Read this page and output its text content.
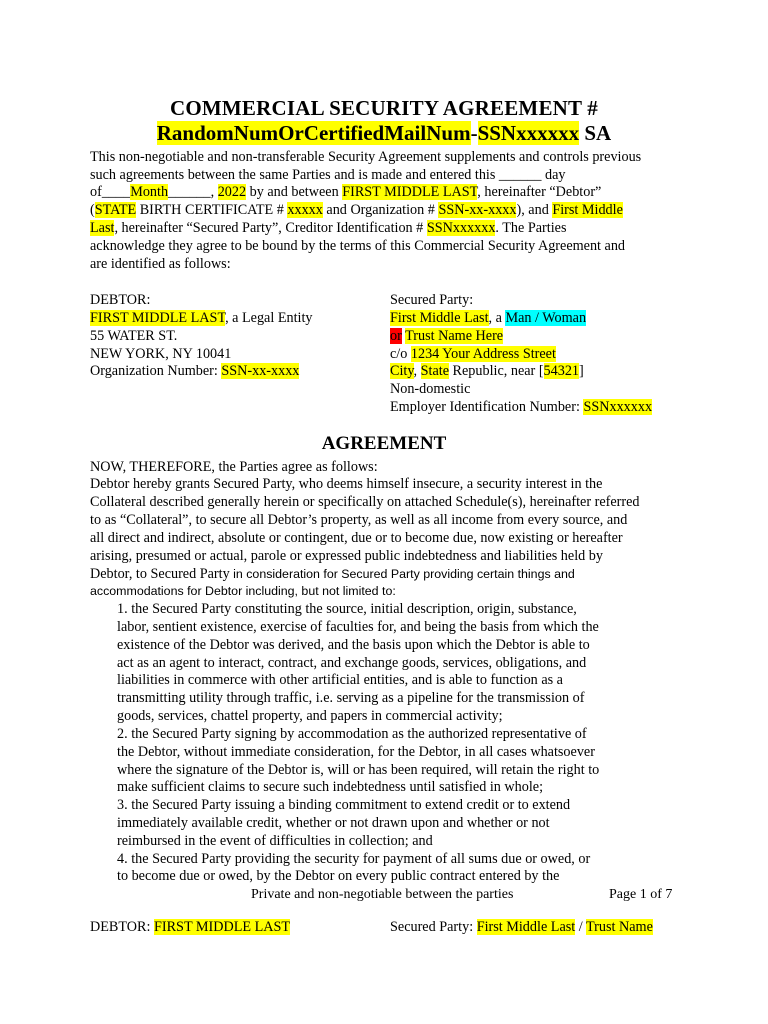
COMMERCIAL SECURITY AGREEMENT #
RandomNumOrCertifiedMailNum-SSNxxxxxx SA
This non-negotiable and non-transferable Security Agreement supplements and controls previous
such agreements between the same Parties and is made and entered this ______ day
of____Month______, 2022 by and between FIRST MIDDLE LAST, hereinafter “Debtor”
(STATE BIRTH CERTIFICATE # xxxxx and Organization # SSN-xx-xxxx), and First Middle
Last, hereinafter “Secured Party”, Creditor Identification # SSNxxxxxx. The Parties
acknowledge they agree to be bound by the terms of this Commercial Security Agreement and
are identified as follows:
DEBTOR:
FIRST MIDDLE LAST, a Legal Entity
55 WATER ST.
NEW YORK, NY 10041
Organization Number: SSN-xx-xxxx
Secured Party:
First Middle Last, a Man / Woman
or Trust Name Here
c/o 1234 Your Address Street
City, State Republic, near [54321]
Non-domestic
Employer Identification Number: SSNxxxxxx
AGREEMENT
NOW, THEREFORE, the Parties agree as follows:
Debtor hereby grants Secured Party, who deems himself insecure, a security interest in the
Collateral described generally herein or specifically on attached Schedule(s), hereinafter referred
to as “Collateral”, to secure all Debtor’s property, as well as all income from every source, and
all direct and indirect, absolute or contingent, due or to become due, now existing or hereafter
arising, presumed or actual, parole or expressed public indebtedness and liabilities held by
Debtor, to Secured Party in consideration for Secured Party providing certain things and
accommodations for Debtor including, but not limited to:
1. the Secured Party constituting the source, initial description, origin, substance,
labor, sentient existence, exercise of faculties for, and being the basis from which the
existence of the Debtor was derived, and the basis upon which the Debtor is able to
act as an agent to interact, contract, and exchange goods, services, obligations, and
liabilities in commerce with other artificial entities, and is able to function as a
transmitting utility through traffic, i.e. serving as a pipeline for the transmission of
goods, services, chattel property, and papers in commercial activity;
2. the Secured Party signing by accommodation as the authorized representative of
the Debtor, without immediate consideration, for the Debtor, in all cases whatsoever
where the signature of the Debtor is, will or has been required, will retain the right to
make sufficient claims to secure such indebtedness until satisfied in whole;
3. the Secured Party issuing a binding commitment to extend credit or to extend
immediately available credit, whether or not drawn upon and whether or not
reimbursed in the event of difficulties in collection; and
4. the Secured Party providing the security for payment of all sums due or owed, or
to become due or owed, by the Debtor on every public contract entered by the
Private and non-negotiable between the parties	Page 1 of 7
DEBTOR: FIRST MIDDLE LAST	Secured Party: First Middle Last / Trust Name
